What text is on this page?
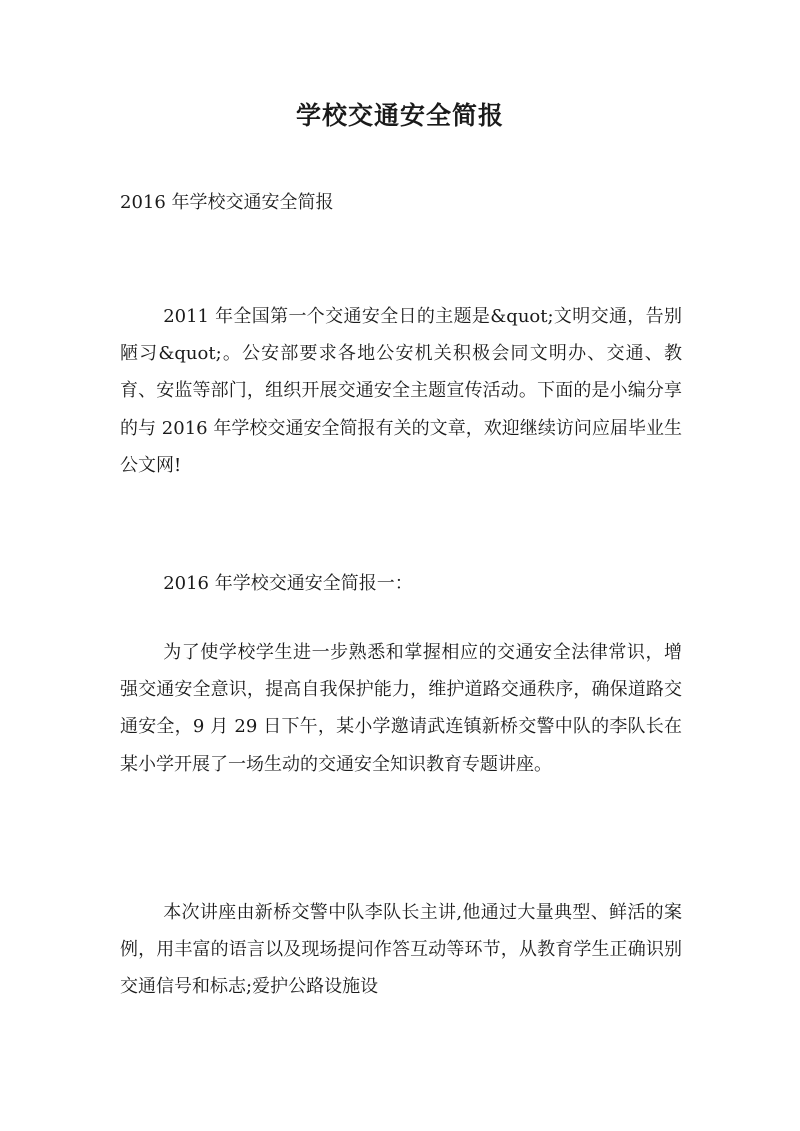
学校交通安全简报

2016 年学校交通安全简报

2011 年全国第一个交通安全日的主题是&quot;文明交通，告别陋习&quot;。公安部要求各地公安机关积极会同文明办、交通、教育、安监等部门，组织开展交通安全主题宣传活动。下面的是小编分享的与 2016 年学校交通安全简报有关的文章，欢迎继续访问应届毕业生公文网!

2016 年学校交通安全简报一：

为了使学校学生进一步熟悉和掌握相应的交通安全法律常识，增强交通安全意识，提高自我保护能力，维护道路交通秩序，确保道路交通安全，9 月 29 日下午，某小学邀请武连镇新桥交警中队的李队长在某小学开展了一场生动的交通安全知识教育专题讲座。

本次讲座由新桥交警中队李队长主讲,他通过大量典型、鲜活的案例，用丰富的语言以及现场提问作答互动等环节，从教育学生正确识别交通信号和标志;爱护公路设施设
